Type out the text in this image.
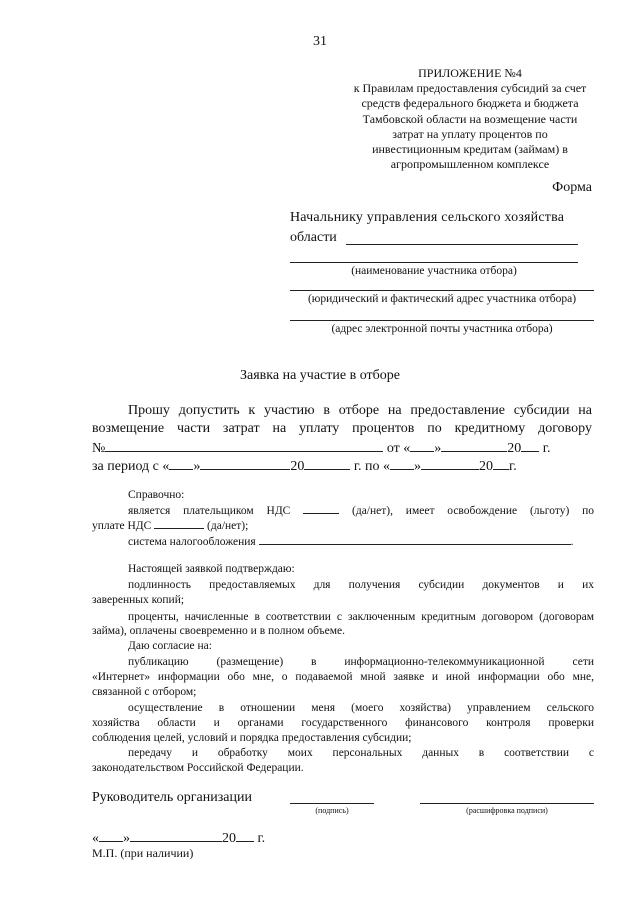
31
ПРИЛОЖЕНИЕ №4
к Правилам предоставления субсидий за счет
средств федерального бюджета и бюджета
Тамбовской области на возмещение части
затрат на уплату процентов по
инвестиционным кредитам (займам) в
агропромышленном комплексе
Форма
Начальнику управления сельского хозяйства
области
(наименование участника отбора)
(юридический и фактический адрес участника отбора)
(адрес электронной почты участника отбора)
Заявка на участие в отборе
Прошу допустить к участию в отборе на предоставление субсидии на
возмещение части затрат на уплату процентов по кредитному договору
№	от « »	20 г.
за период с « »	20	г. по « »	20 г.
Справочно:
является плательщиком НДС	(да/нет), имеет освобождение (льготу) по
уплате НДС	(да/нет);
система налогообложения	.
Настоящей заявкой подтверждаю:
подлинность предоставляемых для получения субсидии документов и их
заверенных копий;
проценты, начисленные в соответствии с заключенным кредитным договором (договорам
займа), оплачены своевременно и в полном объеме.
Даю согласие на:
публикацию (размещение) в информационно-телекоммуникационной сети
«Интернет» информации обо мне, о подаваемой мной заявке и иной информации обо мне,
связанной с отбором;
осуществление в отношении меня (моего хозяйства) управлением сельского
хозяйства области и органами государственного финансового контроля проверки
соблюдения целей, условий и порядка предоставления субсидии;
передачу и обработку моих персональных данных в соответствии с
законодательством Российской Федерации.
Руководитель организации
(подпись)	(расшифровка подписи)
« »	20 г.
М.П. (при наличии)
